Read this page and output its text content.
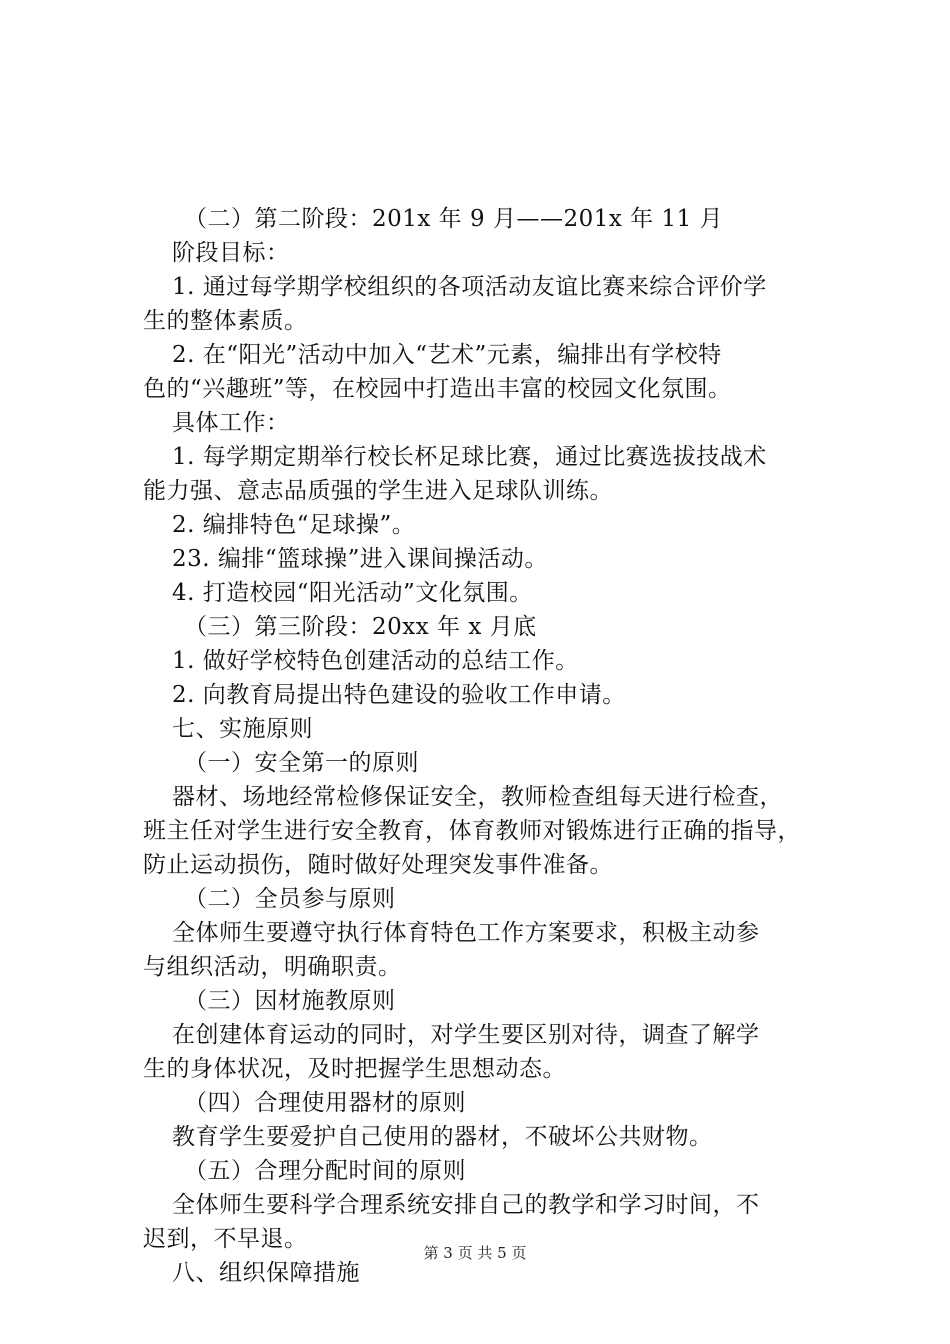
（二）第二阶段：201x 年 9 月——201x 年 11 月
阶段目标：
1. 通过每学期学校组织的各项活动友谊比赛来综合评价学
生的整体素质。
2. 在“阳光”活动中加入“艺术”元素，编排出有学校特
色的“兴趣班”等，在校园中打造出丰富的校园文化氛围。
具体工作：
1. 每学期定期举行校长杯足球比赛，通过比赛选拔技战术
能力强、意志品质强的学生进入足球队训练。
2. 编排特色“足球操”。
23. 编排“篮球操”进入课间操活动。
4. 打造校园“阳光活动”文化氛围。
（三）第三阶段：20xx 年 x 月底
1. 做好学校特色创建活动的总结工作。
2. 向教育局提出特色建设的验收工作申请。
七、实施原则
（一）安全第一的原则
器材、场地经常检修保证安全，教师检查组每天进行检查，
班主任对学生进行安全教育，体育教师对锻炼进行正确的指导，
防止运动损伤，随时做好处理突发事件准备。
（二）全员参与原则
全体师生要遵守执行体育特色工作方案要求，积极主动参
与组织活动，明确职责。
（三）因材施教原则
在创建体育运动的同时，对学生要区别对待，调查了解学
生的身体状况，及时把握学生思想动态。
（四）合理使用器材的原则
教育学生要爱护自己使用的器材，不破坏公共财物。
（五）合理分配时间的原则
全体师生要科学合理系统安排自己的教学和学习时间，不
迟到，不早退。
八、组织保障措施
第 3 页 共 5 页
